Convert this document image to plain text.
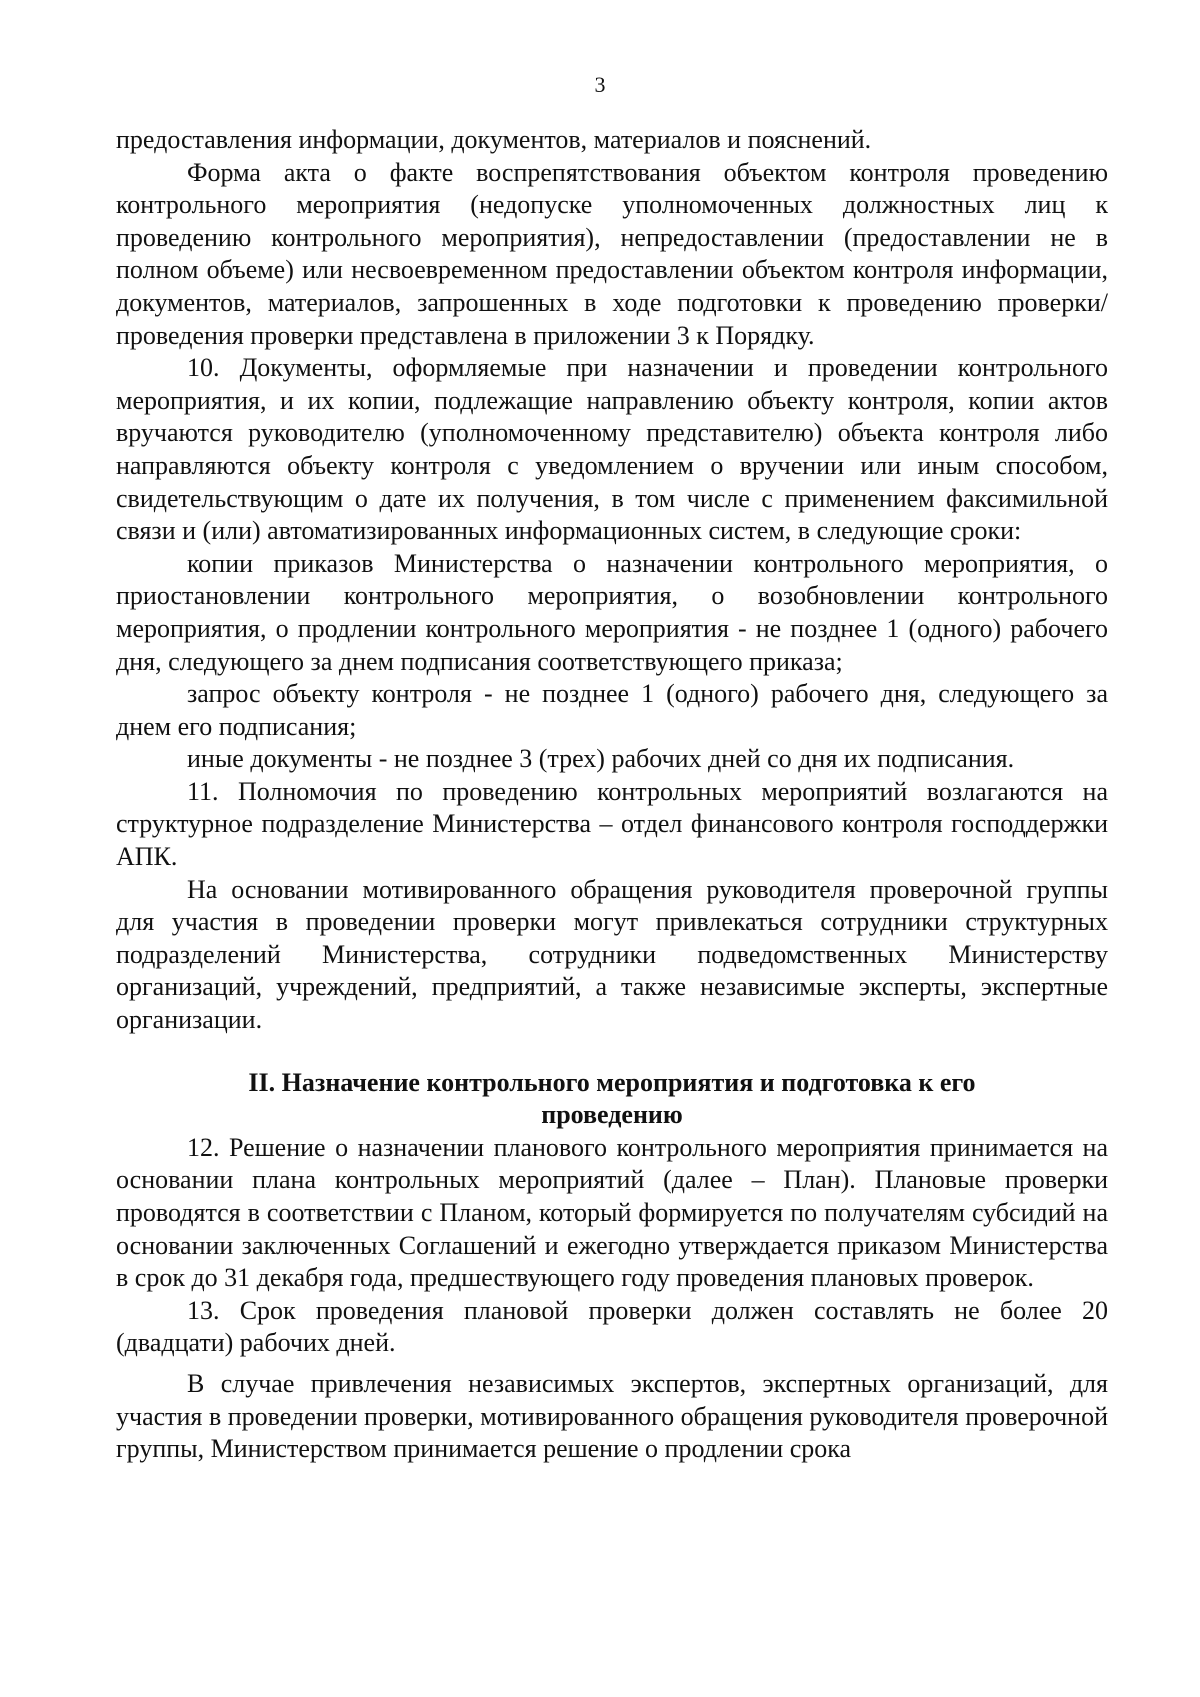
3

предоставления информации, документов, материалов и пояснений.

Форма акта о факте воспрепятствования объектом контроля проведению контрольного мероприятия (недопуске уполномоченных должностных лиц к проведению контрольного мероприятия), непредоставлении (предоставлении не в полном объеме) или несвоевременном предоставлении объектом контроля информации, документов, материалов, запрошенных в ходе подготовки к проведению проверки/проведения проверки представлена в приложении 3 к Порядку.

10. Документы, оформляемые при назначении и проведении контрольного мероприятия, и их копии, подлежащие направлению объекту контроля, копии актов вручаются руководителю (уполномоченному представителю) объекта контроля либо направляются объекту контроля с уведомлением о вручении или иным способом, свидетельствующим о дате их получения, в том числе с применением факсимильной связи и (или) автоматизированных информационных систем, в следующие сроки:

копии приказов Министерства о назначении контрольного мероприятия, о приостановлении контрольного мероприятия, о возобновлении контрольного мероприятия, о продлении контрольного мероприятия - не позднее 1 (одного) рабочего дня, следующего за днем подписания соответствующего приказа;

запрос объекту контроля - не позднее 1 (одного) рабочего дня, следующего за днем его подписания;

иные документы - не позднее 3 (трех) рабочих дней со дня их подписания.

11. Полномочия по проведению контрольных мероприятий возлагаются на структурное подразделение Министерства – отдел финансового контроля господдержки АПК.

На основании мотивированного обращения руководителя проверочной группы для участия в проведении проверки могут привлекаться сотрудники структурных подразделений Министерства, сотрудники подведомственных Министерству организаций, учреждений, предприятий, а также независимые эксперты, экспертные организации.

II. Назначение контрольного мероприятия и подготовка к его
проведению

12. Решение о назначении планового контрольного мероприятия принимается на основании плана контрольных мероприятий (далее – План). Плановые проверки проводятся в соответствии с Планом, который формируется по получателям субсидий на основании заключенных Соглашений и ежегодно утверждается приказом Министерства в срок до 31 декабря года, предшествующего году проведения плановых проверок.

13. Срок проведения плановой проверки должен составлять не более 20 (двадцати) рабочих дней.

В случае привлечения независимых экспертов, экспертных организаций, для участия в проведении проверки, мотивированного обращения руководителя проверочной группы, Министерством принимается решение о продлении срока
